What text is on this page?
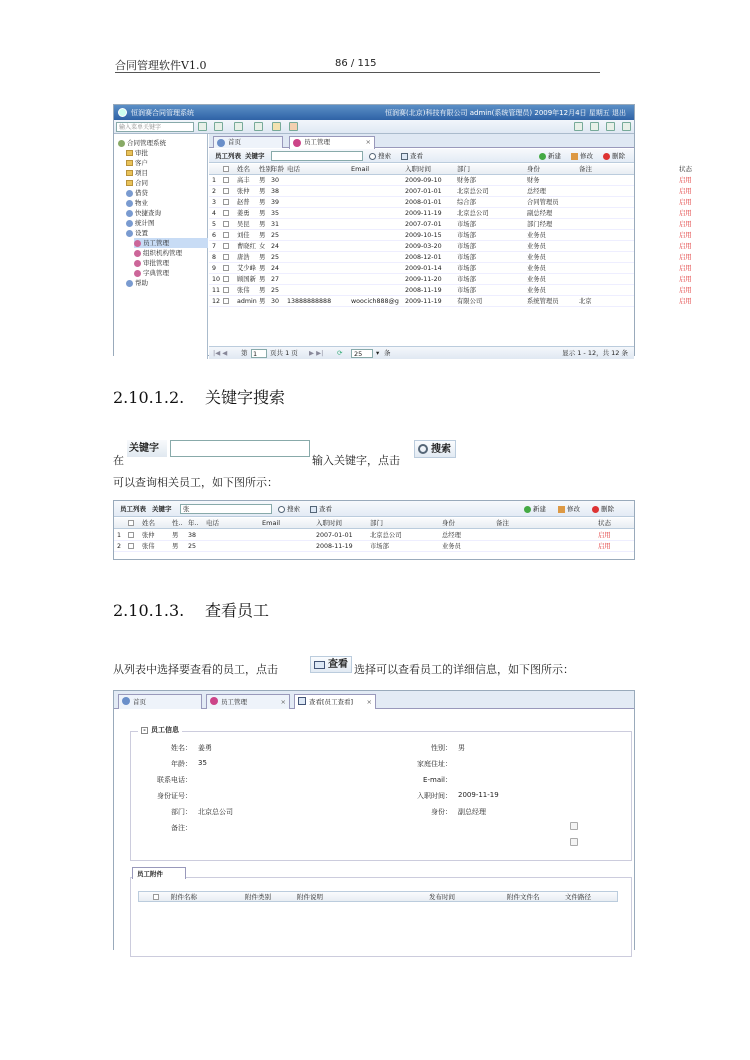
合同管理软件V1.0	86 / 115
恒润赛合同管理系统	恒润赛(北京)科技有限公司 admin(系统管理员) 2009年12月4日 星期五 退出
输入菜单关键字
合同管理系统
审批
客户
项目
合同
借贷
物业
快捷查询
统计图
设置
员工管理
组织机构管理
审批管理
字典管理
帮助
首页	员工管理	×
员工列表 关键字	搜索	查看	新建	修改	删除
姓名 性别 年龄 电话	Email	入职时间	部门	身份	备注	状态
1	高丰 男 30	2009-09-10 财务部	财务	启用
2	张仲 男 38	2007-01-01 北京总公司	总经理	启用
3	赵普 男 39	2008-01-01 综合部	合同管理员	启用
4	姜勇 男 35	2009-11-19 北京总公司	副总经理	启用
5	吴昆 男 31	2007-07-01 市场部	部门经理	启用
6	刘佳 男 25	2009-10-15 市场部	业务员	启用
7	曹晓红 女 24	2009-03-20 市场部	业务员	启用
8	唐浩 男 25	2008-12-01 市场部	业务员	启用
9	艾少峰 男 24	2009-01-14 市场部	业务员	启用
10	顾国新 男 27	2009-11-20 市场部	业务员	启用
11	张伟 男 25	2008-11-19 市场部	业务员	启用
12	admin 男 30 13888888888	woocich888@g 2009-11-19 有限公司	系统管理员	北京	启用
|◀ ◀ 第 1	页共 1 页 ▶ ▶| ⟳	25	▾ 条	显示 1 - 12，共 12 条
2.10.1.2. 关键字搜索
在
关键字
输入关键字，点击
搜索
可以查询相关员工，如下图所示：
员工列表 关键字	张	搜索	查看	新建	修改	删除
姓名	性.. 年.. 电话	Email	入职时间	部门	身份	备注	状态
1	张仲	男 38	2007-01-01	北京总公司	总经理	启用
2	张伟	男 25	2008-11-19	市场部	业务员	启用
2.10.1.3. 查看员工
从列表中选择要查看的员工，点击	查看 选择可以查看员工的详细信息，如下图所示：
首页	员工管理	×	查看[员工查看] ×
- 员工信息
姓名： 姜勇	性别： 男
年龄： 35	家庭住址：
联系电话：	E-mail：
身份证号：	入职时间： 2009-11-19
部门： 北京总公司	身份： 副总经理
备注：
员工附件
附件名称	附件类别	附件说明	发布时间	附件文件名	文件路径
